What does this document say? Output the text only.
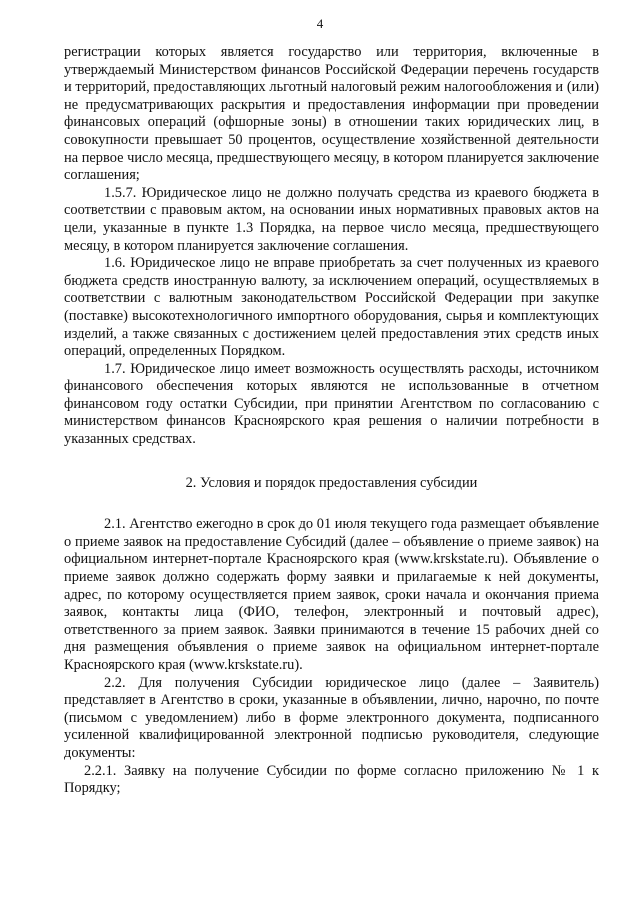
4

регистрации которых является государство или территория, включенные в утверждаемый Министерством финансов Российской Федерации перечень государств и территорий, предоставляющих льготный налоговый режим налогообложения и (или) не предусматривающих раскрытия и предоставления информации при проведении финансовых операций (офшорные зоны) в отношении таких юридических лиц, в совокупности превышает 50 процентов, осуществление хозяйственной деятельности на первое число месяца, предшествующего месяцу, в котором планируется заключение соглашения;

1.5.7. Юридическое лицо не должно получать средства из краевого бюджета в соответствии с правовым актом, на основании иных нормативных правовых актов на цели, указанные в пункте 1.3 Порядка, на первое число месяца, предшествующего месяцу, в котором планируется заключение соглашения.

1.6. Юридическое лицо не вправе приобретать за счет полученных из краевого бюджета средств иностранную валюту, за исключением операций, осуществляемых в соответствии с валютным законодательством Российской Федерации при закупке (поставке) высокотехнологичного импортного оборудования, сырья и комплектующих изделий, а также связанных с достижением целей предоставления этих средств иных операций, определенных Порядком.

1.7. Юридическое лицо имеет возможность осуществлять расходы, источником финансового обеспечения которых являются не использованные в отчетном финансовом году остатки Субсидии, при принятии Агентством по согласованию с министерством финансов Красноярского края решения о наличии потребности в указанных средствах.

2. Условия и порядок предоставления субсидии

2.1. Агентство ежегодно в срок до 01 июля текущего года размещает объявление о приеме заявок на предоставление Субсидий (далее – объявление о приеме заявок) на официальном интернет-портале Красноярского края (www.krskstate.ru). Объявление о приеме заявок должно содержать форму заявки и прилагаемые к ней документы, адрес, по которому осуществляется прием заявок, сроки начала и окончания приема заявок, контакты лица (ФИО, телефон, электронный и почтовый адрес), ответственного за прием заявок. Заявки принимаются в течение 15 рабочих дней со дня размещения объявления о приеме заявок на официальном интернет-портале Красноярского края (www.krskstate.ru).

2.2. Для получения Субсидии юридическое лицо (далее – Заявитель) представляет в Агентство в сроки, указанные в объявлении, лично, нарочно, по почте (письмом с уведомлением) либо в форме электронного документа, подписанного усиленной квалифицированной электронной подписью руководителя, следующие документы:

2.2.1. Заявку на получение Субсидии по форме согласно приложению № 1 к Порядку;
